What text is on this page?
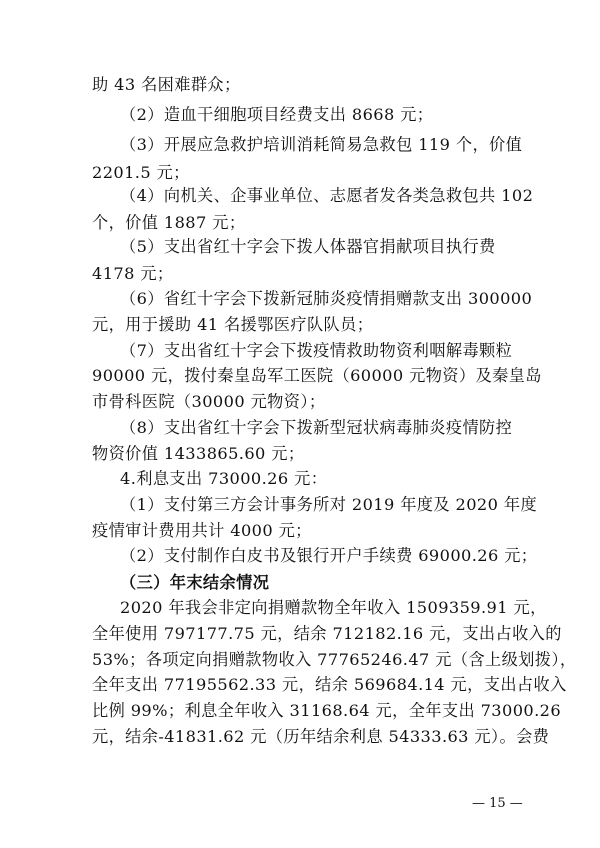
助 43 名困难群众；
（2）造血干细胞项目经费支出 8668 元；
（3）开展应急救护培训消耗简易急救包 119 个，价值
2201.5 元；
（4）向机关、企事业单位、志愿者发各类急救包共 102
个，价值 1887 元；
（5）支出省红十字会下拨人体器官捐献项目执行费
4178 元；
（6）省红十字会下拨新冠肺炎疫情捐赠款支出 300000
元，用于援助 41 名援鄂医疗队队员；
（7）支出省红十字会下拨疫情救助物资利咽解毒颗粒
90000 元，拨付秦皇岛军工医院（60000 元物资）及秦皇岛
市骨科医院（30000 元物资）；
（8）支出省红十字会下拨新型冠状病毒肺炎疫情防控
物资价值 1433865.60 元；
4.利息支出 73000.26 元：
（1）支付第三方会计事务所对 2019 年度及 2020 年度
疫情审计费用共计 4000 元；
（2）支付制作白皮书及银行开户手续费 69000.26 元；
（三）年末结余情况
2020 年我会非定向捐赠款物全年收入 1509359.91 元，
全年使用 797177.75 元，结余 712182.16 元，支出占收入的
53%；各项定向捐赠款物收入 77765246.47 元（含上级划拨），
全年支出 77195562.33 元，结余 569684.14 元，支出占收入
比例 99%；利息全年收入 31168.64 元，全年支出 73000.26
元，结余-41831.62 元（历年结余利息 54333.63 元）。会费
— 15 —
